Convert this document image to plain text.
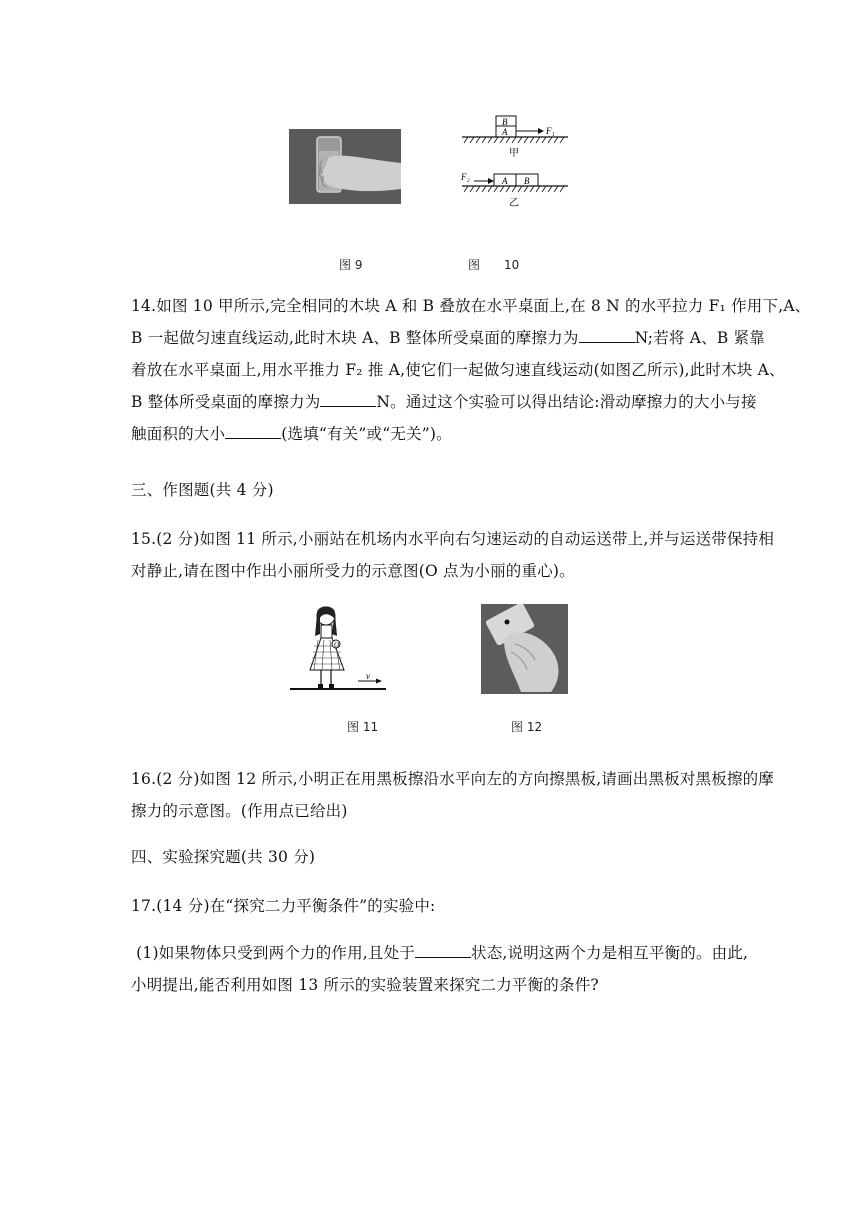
图 9
B
A	F₁
甲
F₂	A B
乙
图　　10
14.如图 10 甲所示,完全相同的木块 A 和 B 叠放在水平桌面上,在 8 N 的水平拉力 F₁ 作用下,A、
B 一起做匀速直线运动,此时木块 A、B 整体所受桌面的摩擦力为	N;若将 A、B 紧靠
着放在水平桌面上,用水平推力 F₂ 推 A,使它们一起做匀速直线运动(如图乙所示),此时木块 A、
B 整体所受桌面的摩擦力为	N。通过这个实验可以得出结论:滑动摩擦力的大小与接
触面积的大小	(选填“有关”或“无关”)。
三、作图题(共 4 分)
15.(2 分)如图 11 所示,小丽站在机场内水平向右匀速运动的自动运送带上,并与运送带保持相
对静止,请在图中作出小丽所受力的示意图(O 点为小丽的重心)。
O
v
图 11	图 12
16.(2 分)如图 12 所示,小明正在用黑板擦沿水平向左的方向擦黑板,请画出黑板对黑板擦的摩
擦力的示意图。(作用点已给出)
四、实验探究题(共 30 分)
17.(14 分)在“探究二力平衡条件”的实验中:
(1)如果物体只受到两个力的作用,且处于	状态,说明这两个力是相互平衡的。由此,
小明提出,能否利用如图 13 所示的实验装置来探究二力平衡的条件?
